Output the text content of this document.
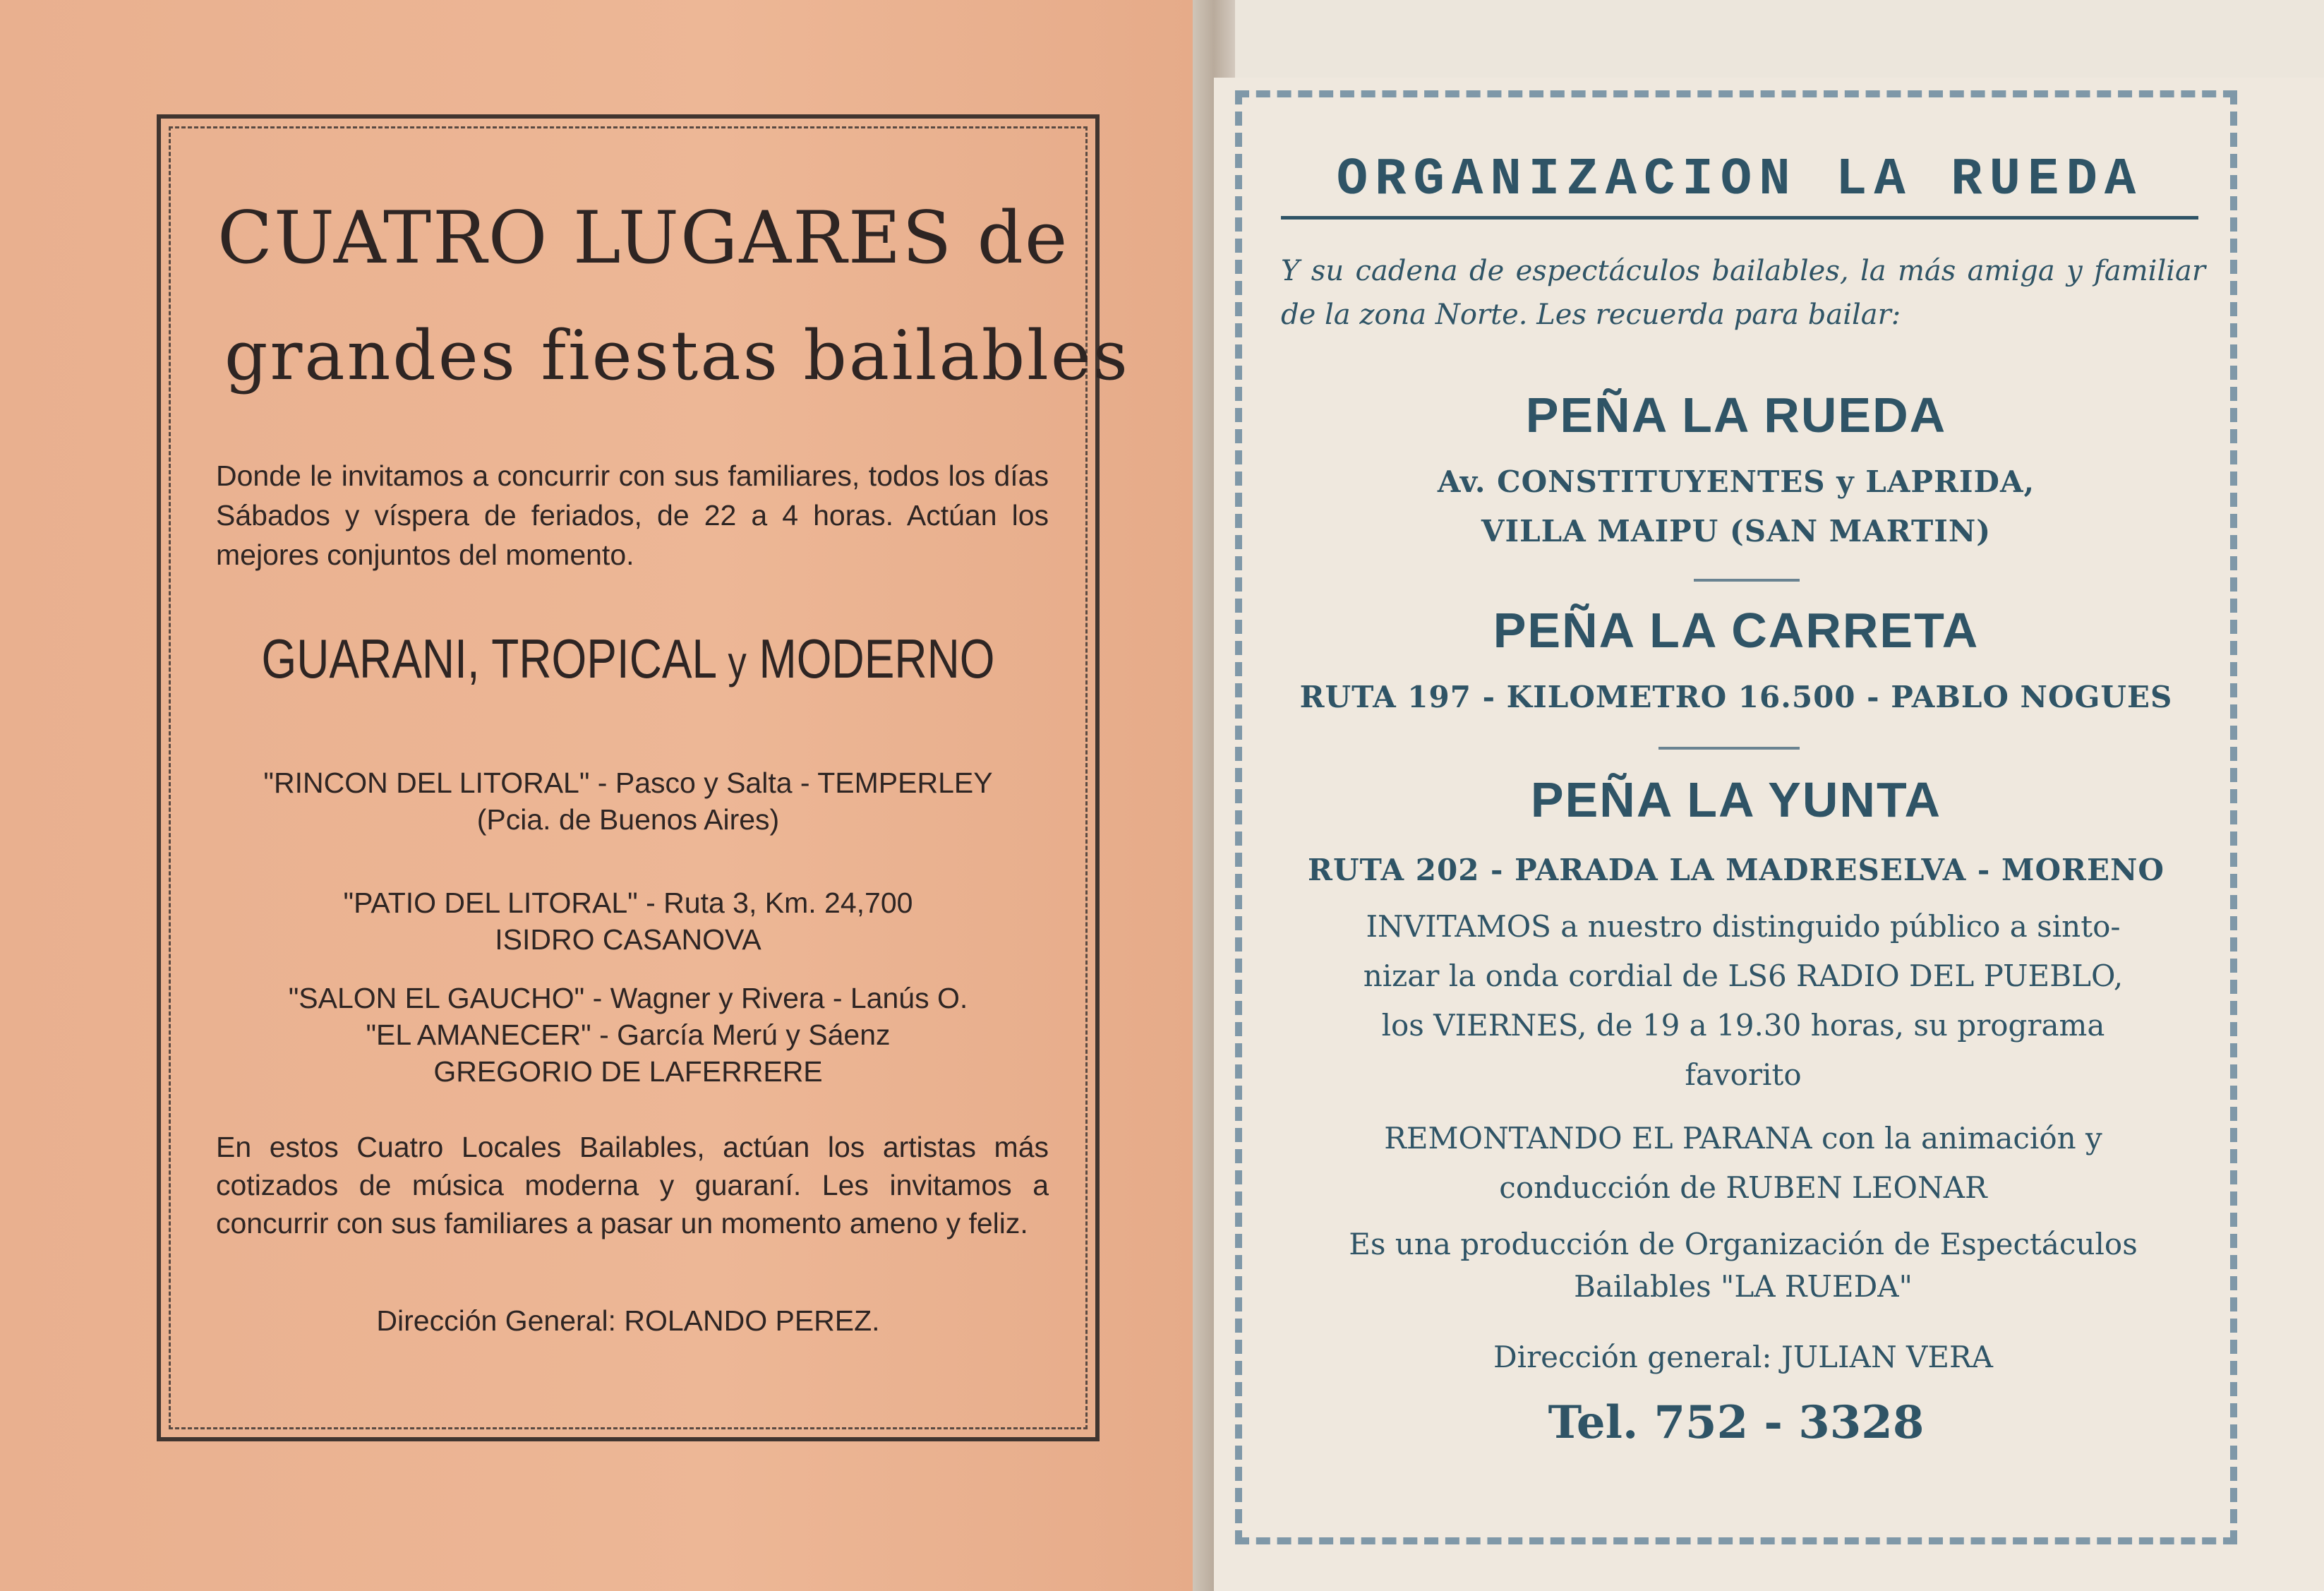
CUATRO LUGARES de
grandes fiestas bailables
Donde le invitamos a concurrir con sus familiares, todos los días Sábados y víspera de feriados, de 22 a 4 horas. Actúan los mejores conjuntos del momento.
GUARANI, TROPICAL y MODERNO
"RINCON DEL LITORAL" - Pasco y Salta - TEMPERLEY
(Pcia. de Buenos Aires)
"PATIO DEL LITORAL" - Ruta 3, Km. 24,700
ISIDRO CASANOVA
"SALON EL GAUCHO" - Wagner y Rivera - Lanús O.
"EL AMANECER" - García Merú y Sáenz
GREGORIO DE LAFERRERE
En estos Cuatro Locales Bailables, actúan los artistas más cotizados de música moderna y guaraní. Les invitamos a concurrir con sus familiares a pasar un momento ameno y feliz.
Dirección General: ROLANDO PEREZ.
ORGANIZACION LA RUEDA
Y su cadena de espectáculos bailables, la más amiga y familiar de la zona Norte. Les recuerda para bailar:
PEÑA LA RUEDA
Av. CONSTITUYENTES y LAPRIDA,
VILLA MAIPU (SAN MARTIN)
PEÑA LA CARRETA
RUTA 197 - KILOMETRO 16.500 - PABLO NOGUES
PEÑA LA YUNTA
RUTA 202 - PARADA LA MADRESELVA - MORENO
INVITAMOS a nuestro distinguido público a sinto-
nizar la onda cordial de LS6 RADIO DEL PUEBLO,
los VIERNES, de 19 a 19.30 horas, su programa
favorito
REMONTANDO EL PARANA con la animación y
conducción de RUBEN LEONAR
Es una producción de Organización de Espectáculos
Bailables "LA RUEDA"
Dirección general: JULIAN VERA
Tel. 752 - 3328
